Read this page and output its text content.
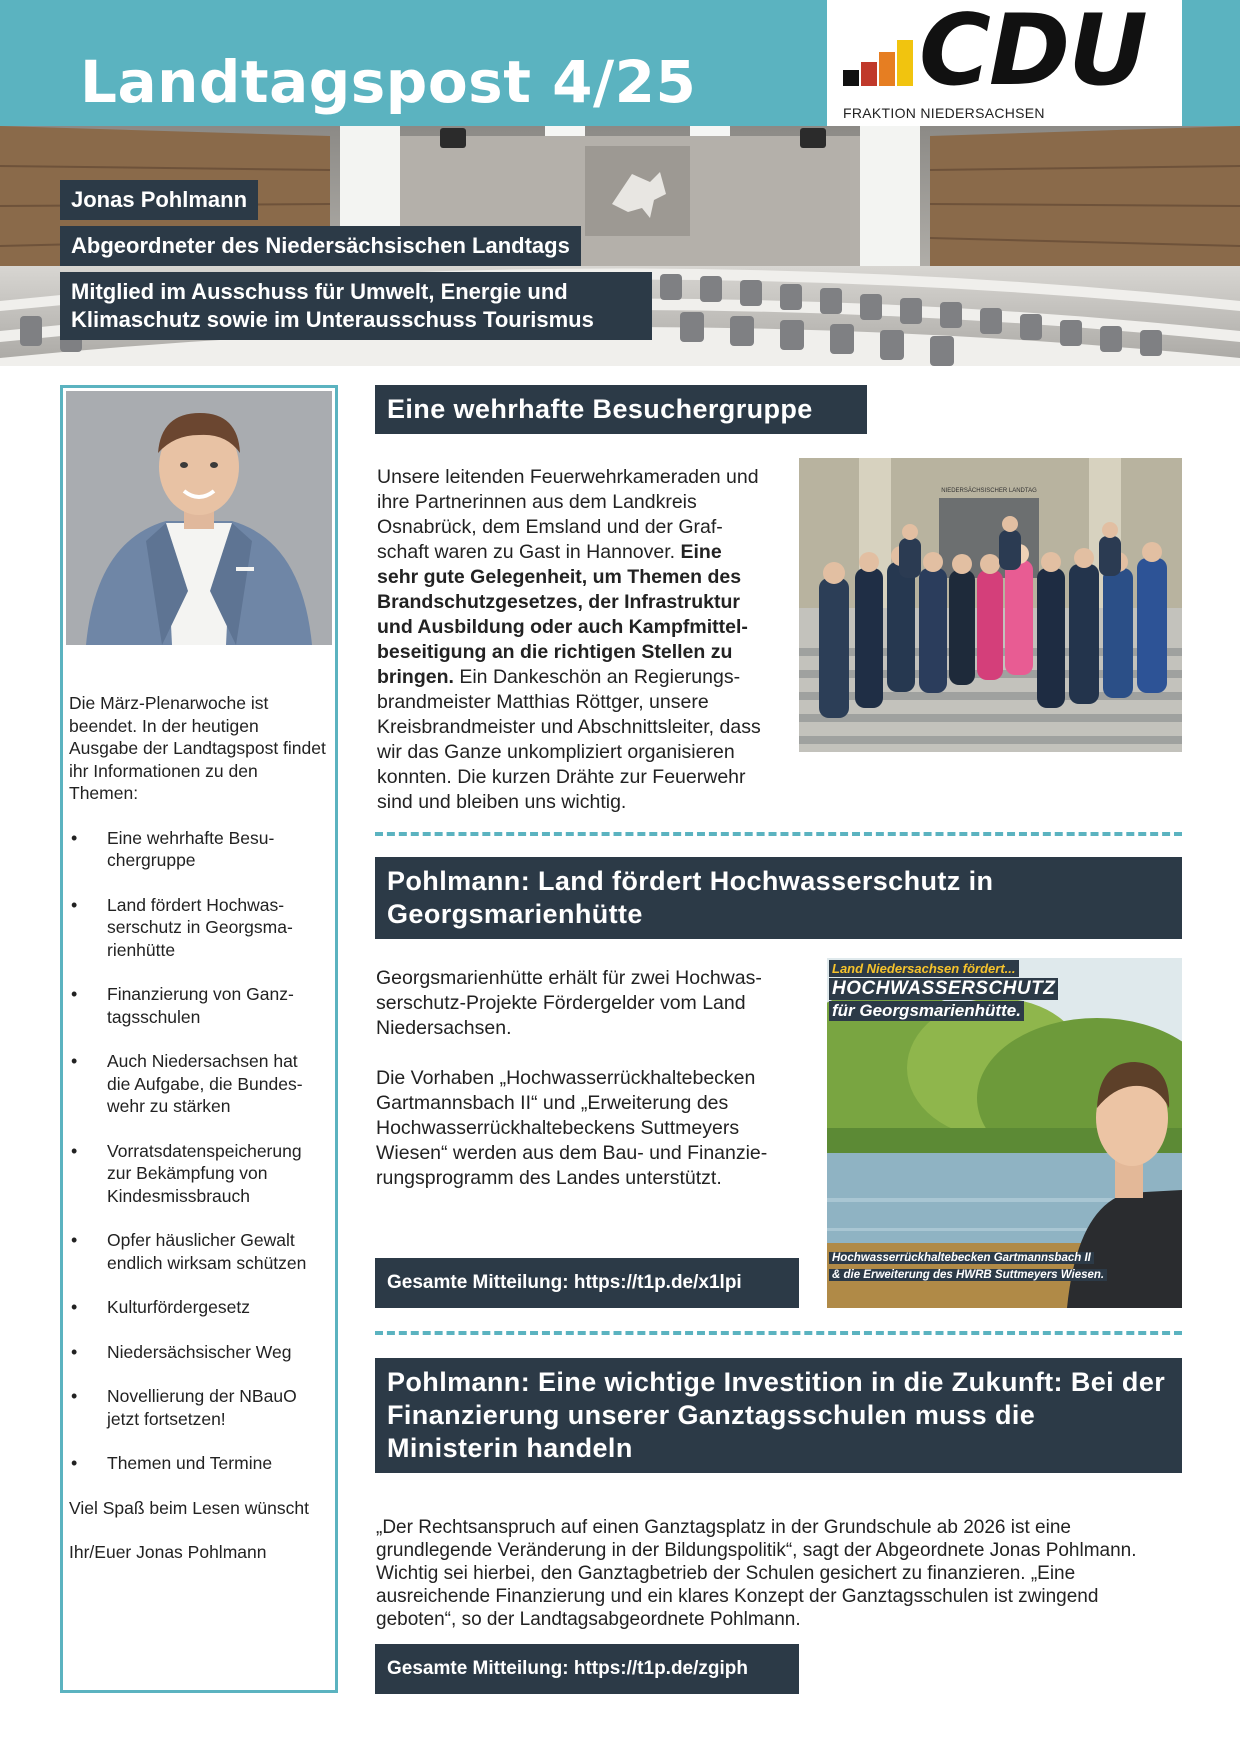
Landtagspost 4/25 CDU
FRAKTION NIEDERSACHSEN
Jonas Pohlmann
Abgeordneter des Niedersächsischen Landtags
Mitglied im Ausschuss für Umwelt, Energie und Klimaschutz sowie im Unterausschuss Tourismus

Die März-Plenarwoche ist beendet. In der heutigen Ausgabe der Landtagspost findet ihr Informationen zu den Themen:

• Eine wehrhafte Besuchergruppe
• Land fördert Hochwasserschutz in Georgsmarienhütte
• Finanzierung von Ganztagsschulen
• Auch Niedersachsen hat die Aufgabe, die Bundeswehr zu stärken
• Vorratsdatenspeicherung zur Bekämpfung von Kindesmissbrauch
• Opfer häuslicher Gewalt endlich wirksam schützen
• Kulturfördergesetz
• Niedersächsischer Weg
• Novellierung der NBauO jetzt fortsetzen!
• Themen und Termine

Viel Spaß beim Lesen wünscht

Ihr/Euer Jonas Pohlmann

Eine wehrhafte Besuchergruppe
Unsere leitenden Feuerwehrkameraden und ihre Partnerinnen aus dem Landkreis Osnabrück, dem Emsland und der Grafschaft waren zu Gast in Hannover. Eine sehr gute Gelegenheit, um Themen des Brandschutzgesetzes, der Infrastruktur und Ausbildung oder auch Kampfmittelbeseitigung an die richtigen Stellen zu bringen. Ein Dankeschön an Regierungsbrandmeister Matthias Röttger, unsere Kreisbrandmeister und Abschnittsleiter, dass wir das Ganze unkompliziert organisieren konnten. Die kurzen Drähte zur Feuerwehr sind und bleiben uns wichtig.
NIEDERSÄCHSISCHER LANDTAG
Pohlmann: Land fördert Hochwasserschutz in Georgsmarienhütte

Georgsmarienhütte erhält für zwei Hochwasserschutz-Projekte Fördergelder vom Land Niedersachsen.

Die Vorhaben „Hochwasserrückhaltebecken Gartmannsbach II“ und „Erweiterung des Hochwasserrückhaltebeckens Suttmeyers Wiesen“ werden aus dem Bau- und Finanzierungsprogramm des Landes unterstützt.

Gesamte Mitteilung: https://t1p.de/x1lpi
Land Niedersachsen fördert...
HOCHWASSERSCHUTZ
für Georgsmarienhütte.
Hochwasserrückhaltebecken Gartmannsbach II
& die Erweiterung des HWRB Suttmeyers Wiesen.
Pohlmann: Eine wichtige Investition in die Zukunft: Bei der Finanzierung unserer Ganztagsschulen muss die Ministerin handeln
„Der Rechtsanspruch auf einen Ganztagsplatz in der Grundschule ab 2026 ist eine grundlegende Veränderung in der Bildungspolitik“, sagt der Abgeordnete Jonas Pohlmann. Wichtig sei hierbei, den Ganztagbetrieb der Schulen gesichert zu finanzieren. „Eine ausreichende Finanzierung und ein klares Konzept der Ganztagsschulen ist zwingend geboten“, so der Landtagsabgeordnete Pohlmann.
Gesamte Mitteilung: https://t1p.de/zgiph
